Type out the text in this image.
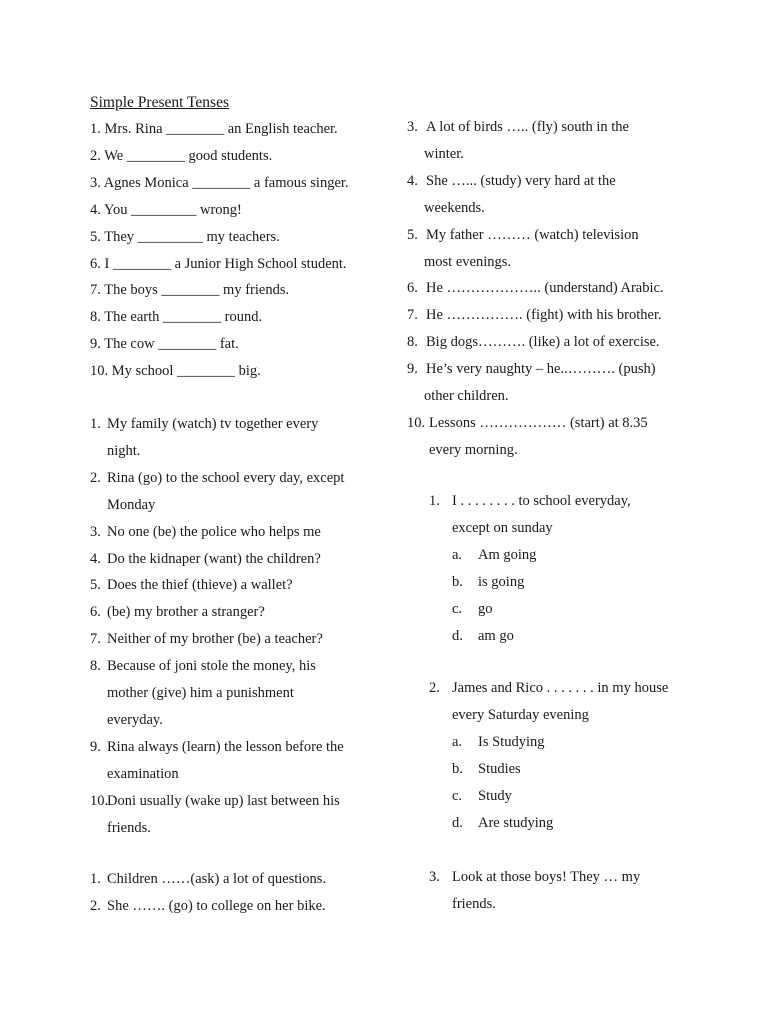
Simple Present Tenses
1. Mrs. Rina ________ an English teacher.
2. We ________ good students.
3. Agnes Monica ________ a famous singer.
4. You _________ wrong!
5. They _________ my teachers.
6. I ________ a Junior High School student.
7. The boys ________ my friends.
8. The earth ________ round.
9. The cow ________ fat.
10. My school ________ big.
1. My family (watch) tv together every
night.
2. Rina (go) to the school every day, except
Monday
3. No one (be) the police who helps me
4. Do the kidnaper (want) the children?
5. Does the thief (thieve) a wallet?
6. (be) my brother a stranger?
7. Neither of my brother (be) a teacher?
8. Because of joni stole the money, his
mother (give) him a punishment
everyday.
9. Rina always (learn) the lesson before the
examination
10.
Doni usually (wake up) last between his
friends.
1. Children ……(ask) a lot of questions.
2. She ……. (go) to college on her bike.
3. A lot of birds ….. (fly) south in the
winter.
4. She …... (study) very hard at the
weekends.
5. My father ……… (watch) television
most evenings.
6. He ……………….. (understand) Arabic.
7. He ……………. (fight) with his brother.
8. Big dogs………. (like) a lot of exercise.
9. He’s very naughty – he..………. (push)
other children.
10. Lessons ……………… (start) at 8.35
every morning.
1. I . . . . . . . . to school everyday,
except on sunday
a. Am going
b. is going
c. go
d. am go
2. James and Rico . . . . . . . in my house
every Saturday evening
a. Is Studying
b. Studies
c. Study
d. Are studying
3. Look at those boys! They … my
friends.
